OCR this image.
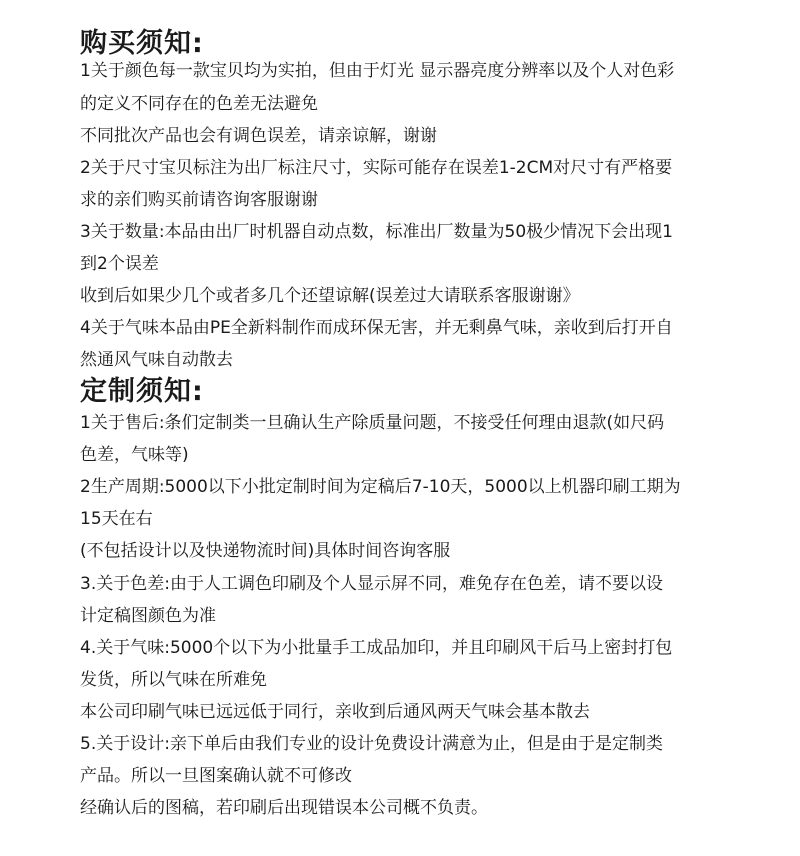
购买须知:
1关于颜色每一款宝贝均为实拍，但由于灯光 显示器亮度分辨率以及个人对色彩
的定义不同存在的色差无法避免
不同批次产品也会有调色误差，请亲谅解，谢谢
2关于尺寸宝贝标注为出厂标注尺寸，实际可能存在误差1-2CM对尺寸有严格要
求的亲们购买前请咨询客服谢谢
3关于数量:本品由出厂时机器自动点数，标准出厂数量为50极少情况下会出现1
到2个误差
收到后如果少几个或者多几个还望谅解(误差过大请联系客服谢谢》
4关于气味本品由PE全新料制作而成环保无害，并无剩鼻气味，亲收到后打开自
然通风气味自动散去
定制须知:
1关于售后:条们定制类一旦确认生产除质量问题，不接受任何理由退款(如尺码
色差，气味等)
2生产周期:5000以下小批定制时间为定稿后7-10天，5000以上机器印刷工期为
15天在右
(不包括设计以及快递物流时间)具体时间咨询客服
3.关于色差:由于人工调色印刷及个人显示屏不同，难免存在色差，请不要以设
计定稿图颜色为准
4.关于气味:5000个以下为小批量手工成品加印，并且印刷风干后马上密封打包
发货，所以气味在所难免
本公司印刷气味已远远低于同行，亲收到后通风两天气味会基本散去
5.关于设计:亲下单后由我们专业的设计免费设计满意为止，但是由于是定制类
产品。所以一旦图案确认就不可修改
经确认后的图稿，若印刷后出现错误本公司概不负责。
